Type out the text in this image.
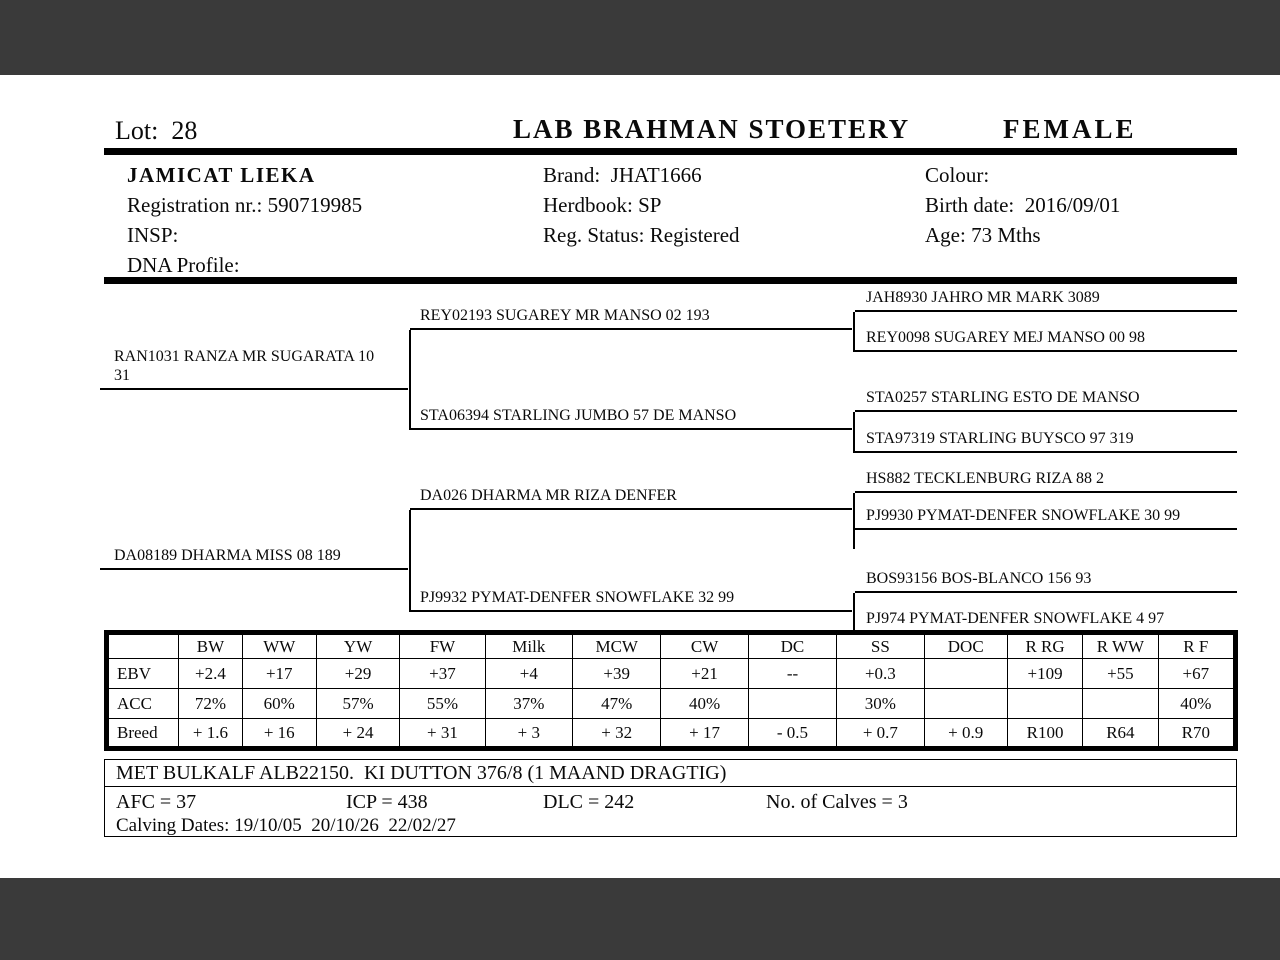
Lot:  28	LAB BRAHMAN STOETERY	FEMALE
JAMICAT LIEKA
Registration nr.: 590719985
INSP:
DNA Profile:
Brand:  JHAT1666
Herdbook: SP
Reg. Status: Registered
Colour:
Birth date:  2016/09/01
Age: 73 Mths
RAN1031 RANZA MR SUGARATA 10 31
DA08189 DHARMA MISS 08 189
REY02193 SUGAREY MR MANSO 02 193
STA06394 STARLING JUMBO 57 DE MANSO
DA026 DHARMA MR RIZA DENFER
PJ9932 PYMAT-DENFER SNOWFLAKE 32 99
JAH8930 JAHRO MR MARK 3089
REY0098 SUGAREY MEJ MANSO 00 98
STA0257 STARLING ESTO DE MANSO
STA97319 STARLING BUYSCO 97 319
HS882 TECKLENBURG RIZA 88 2
PJ9930 PYMAT-DENFER SNOWFLAKE 30 99
BOS93156 BOS-BLANCO 156 93
PJ974 PYMAT-DENFER SNOWFLAKE 4 97
	BW	WW	YW	FW	Milk	MCW	CW	DC	SS	DOC	R RG	R WW	R F
EBV	+2.4	+17	+29	+37	+4	+39	+21	--	+0.3		+109	+55	+67
ACC	72%	60%	57%	55%	37%	47%	40%		30%				40%
Breed	+ 1.6	+ 16	+ 24	+ 31	+ 3	+ 32	+ 17	- 0.5	+ 0.7	+ 0.9	R100	R64	R70
MET BULKALF ALB22150.  KI DUTTON 376/8 (1 MAAND DRAGTIG)
AFC = 37	ICP = 438	DLC = 242	No. of Calves = 3
Calving Dates: 19/10/05  20/10/26  22/02/27
